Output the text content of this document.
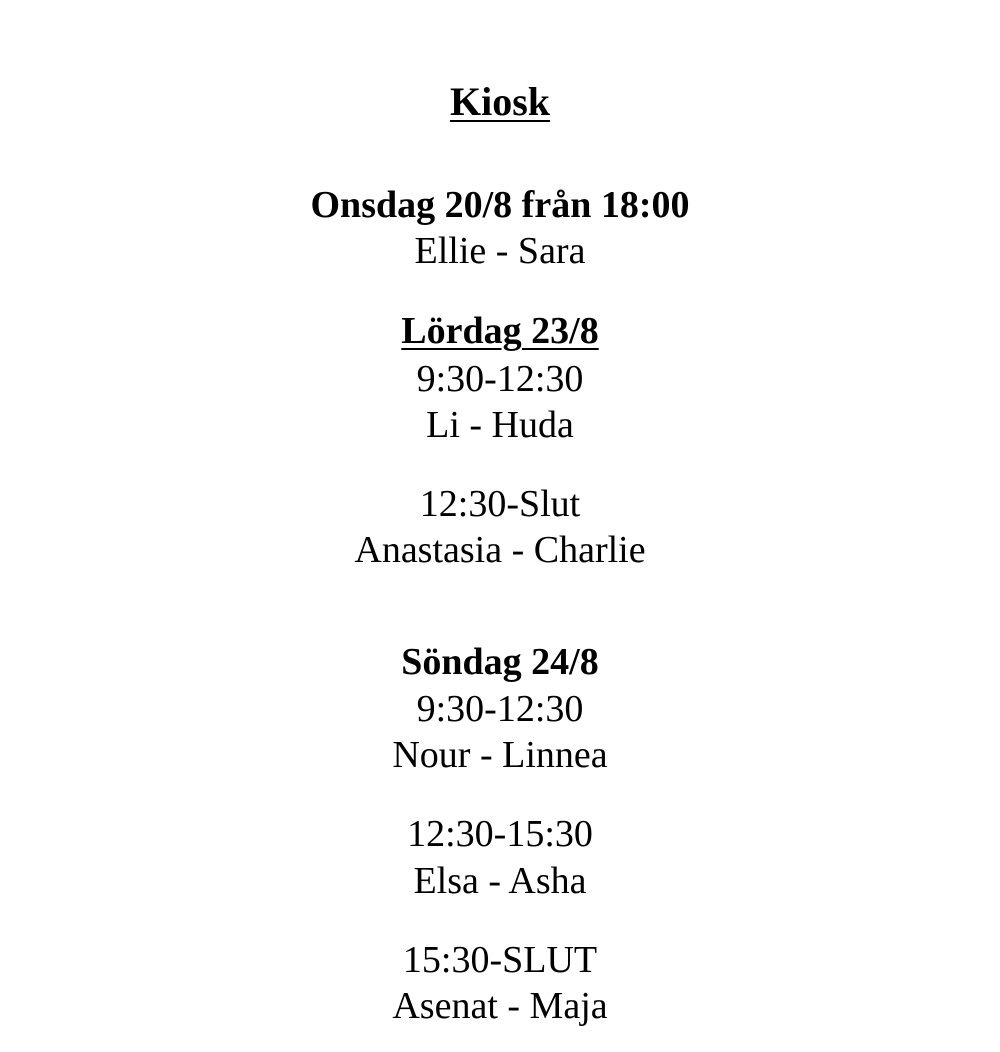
Kiosk
Onsdag 20/8 från 18:00
Ellie - Sara
Lördag 23/8
9:30-12:30
Li - Huda
12:30-Slut
Anastasia - Charlie
Söndag 24/8
9:30-12:30
Nour - Linnea
12:30-15:30
Elsa - Asha
15:30-SLUT
Asenat - Maja
